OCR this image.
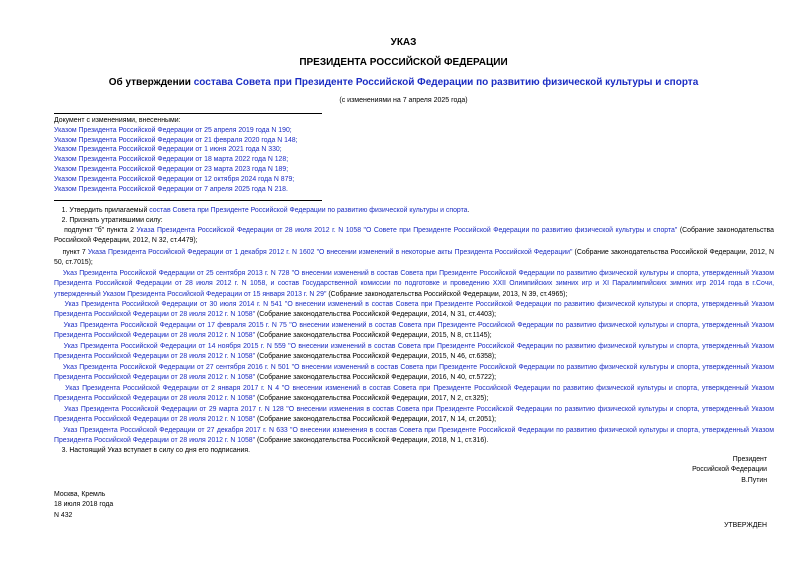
УКАЗ
ПРЕЗИДЕНТА РОССИЙСКОЙ ФЕДЕРАЦИИ
Об утверждении состава Совета при Президенте Российской Федерации по развитию физической культуры и спорта
(с изменениями на 7 апреля 2025 года)
Документ с изменениями, внесенными:
Указом Президента Российской Федерации от 25 апреля 2019 года N 190;
Указом Президента Российской Федерации от 21 февраля 2020 года N 148;
Указом Президента Российской Федерации от 1 июня 2021 года N 330;
Указом Президента Российской Федерации от 18 марта 2022 года N 128;
Указом Президента Российской Федерации от 23 марта 2023 года N 189;
Указом Президента Российской Федерации от 12 октября 2024 года N 879;
Указом Президента Российской Федерации от 7 апреля 2025 года N 218.
1. Утвердить прилагаемый состав Совета при Президенте Российской Федерации по развитию физической культуры и спорта.
2. Признать утратившими силу:
подпункт "б" пункта 2 Указа Президента Российской Федерации от 28 июля 2012 г. N 1058 "О Совете при Президенте Российской Федерации по развитию физической культуры и спорта" (Собрание законодательства Российской Федерации, 2012, N 32, ст.4479);
пункт 7 Указа Президента Российской Федерации от 1 декабря 2012 г. N 1602 "О внесении изменений в некоторые акты Президента Российской Федерации" (Собрание законодательства Российской Федерации, 2012, N 50, ст.7015);
Указ Президента Российской Федерации от 25 сентября 2013 г. N 728 "О внесении изменений в состав Совета при Президенте Российской Федерации по развитию физической культуры и спорта, утвержденный Указом Президента Российской Федерации от 28 июля 2012 г. N 1058, и состав Государственной комиссии по подготовке и проведению XXII Олимпийских зимних игр и XI Паралимпийских зимних игр 2014 года в г.Сочи, утвержденный Указом Президента Российской Федерации от 15 января 2013 г. N 29" (Собрание законодательства Российской Федерации, 2013, N 39, ст.4965);
Указ Президента Российской Федерации от 30 июля 2014 г. N 541 "О внесении изменений в состав Совета при Президенте Российской Федерации по развитию физической культуры и спорта, утвержденный Указом Президента Российской Федерации от 28 июля 2012 г. N 1058" (Собрание законодательства Российской Федерации, 2014, N 31, ст.4403);
Указ Президента Российской Федерации от 17 февраля 2015 г. N 75 "О внесении изменений в состав Совета при Президенте Российской Федерации по развитию физической культуры и спорта, утвержденный Указом Президента Российской Федерации от 28 июля 2012 г. N 1058" (Собрание законодательства Российской Федерации, 2015, N 8, ст.1145);
Указ Президента Российской Федерации от 14 ноября 2015 г. N 559 "О внесении изменений в состав Совета при Президенте Российской Федерации по развитию физической культуры и спорта, утвержденный Указом Президента Российской Федерации от 28 июля 2012 г. N 1058" (Собрание законодательства Российской Федерации, 2015, N 46, ст.6358);
Указ Президента Российской Федерации от 27 сентября 2016 г. N 501 "О внесении изменений в состав Совета при Президенте Российской Федерации по развитию физической культуры и спорта, утвержденный Указом Президента Российской Федерации от 28 июля 2012 г. N 1058" (Собрание законодательства Российской Федерации, 2016, N 40, ст.5722);
Указ Президента Российской Федерации от 2 января 2017 г. N 4 "О внесении изменений в состав Совета при Президенте Российской Федерации по развитию физической культуры и спорта, утвержденный Указом Президента Российской Федерации от 28 июля 2012 г. N 1058" (Собрание законодательства Российской Федерации, 2017, N 2, ст.325);
Указ Президента Российской Федерации от 29 марта 2017 г. N 128 "О внесении изменения в состав Совета при Президенте Российской Федерации по развитию физической культуры и спорта, утвержденный Указом Президента Российской Федерации от 28 июля 2012 г. N 1058" (Собрание законодательства Российской Федерации, 2017, N 14, ст.2051);
Указ Президента Российской Федерации от 27 декабря 2017 г. N 633 "О внесении изменения в состав Совета при Президенте Российской Федерации по развитию физической культуры и спорта, утвержденный Указом Президента Российской Федерации от 28 июля 2012 г. N 1058" (Собрание законодательства Российской Федерации, 2018, N 1, ст.316).
3. Настоящий Указ вступает в силу со дня его подписания.
Президент
Российской Федерации
В.Путин
Москва, Кремль
18 июля 2018 года
N 432
УТВЕРЖДЕН
